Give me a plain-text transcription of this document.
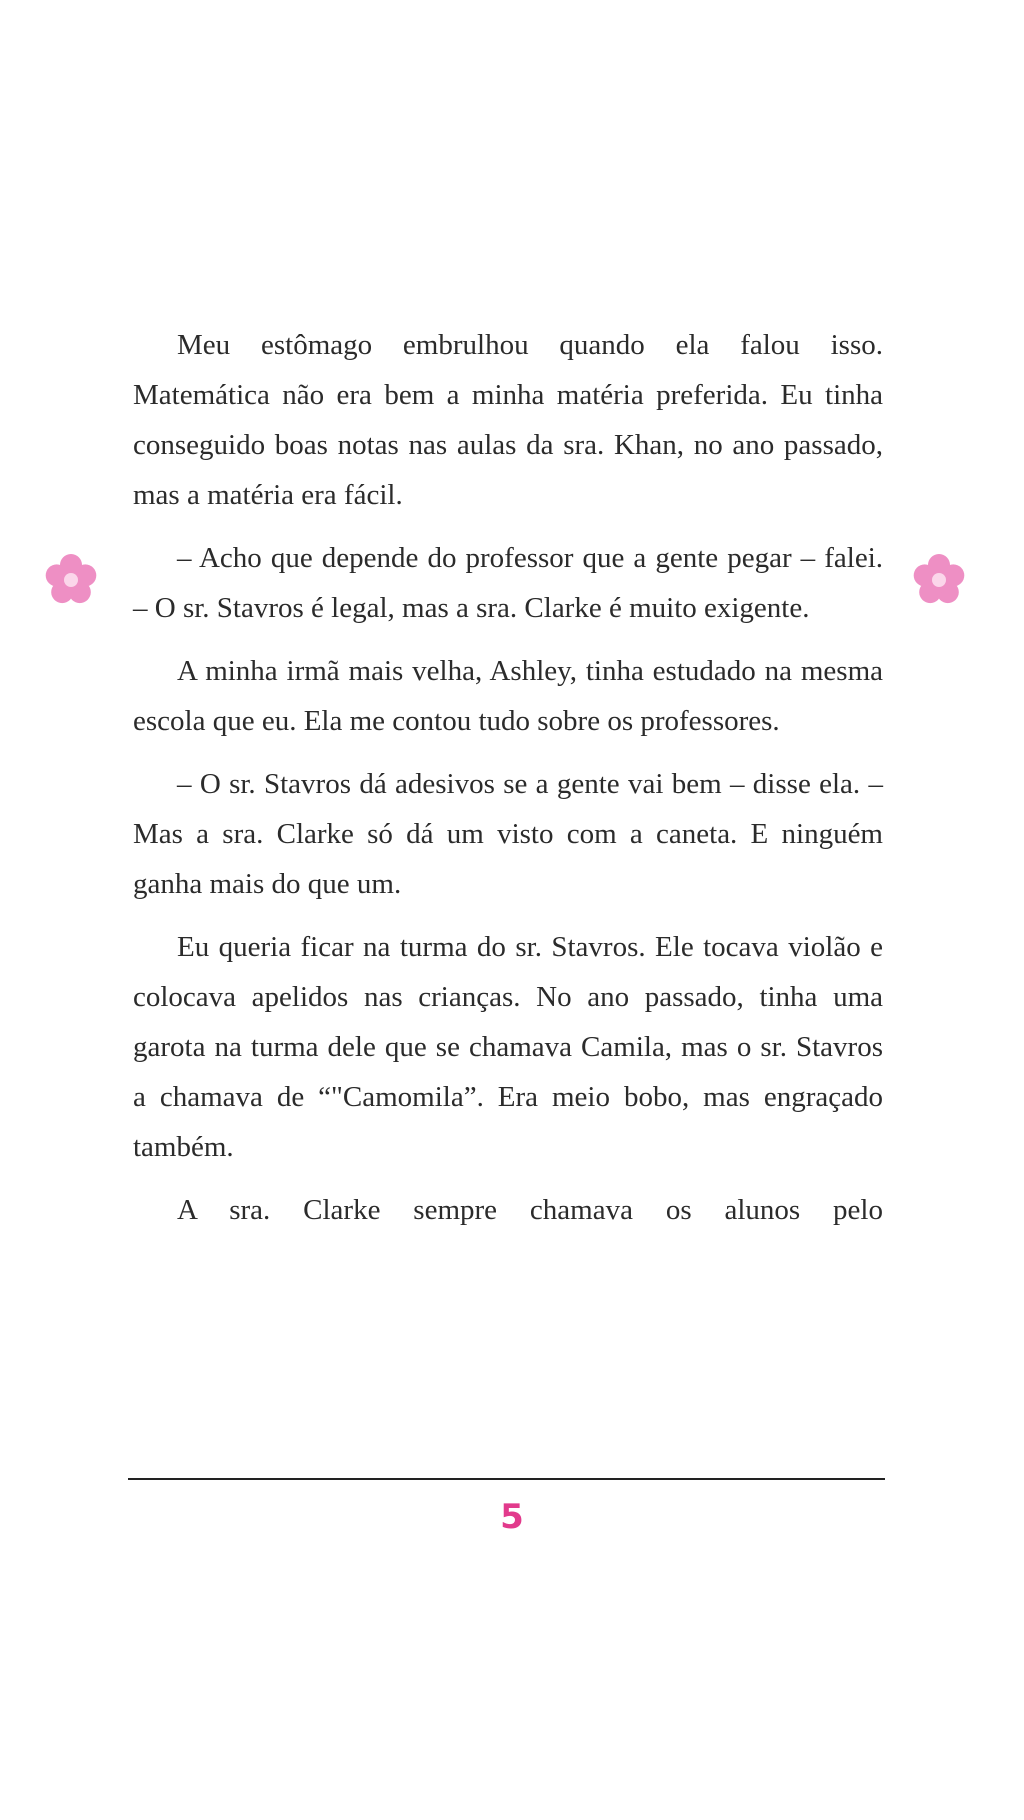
Meu estômago embrulhou quando ela falou isso. Matemática não era bem a minha matéria preferida. Eu tinha conseguido boas notas nas aulas da sra. Khan, no ano passado, mas a matéria era fácil.

– Acho que depende do professor que a gente pegar – falei. – O sr. Stavros é legal, mas a sra. Clarke é muito exigente.

A minha irmã mais velha, Ashley, tinha estudado na mesma escola que eu. Ela me contou tudo sobre os professores.

– O sr. Stavros dá adesivos se a gente vai bem – disse ela. – Mas a sra. Clarke só dá um visto com a caneta. E ninguém ganha mais do que um.

Eu queria ficar na turma do sr. Stavros. Ele tocava violão e colocava apelidos nas crianças. No ano passado, tinha uma garota na turma dele que se chamava Camila, mas o sr. Stavros a chamava de “"Camomila”. Era meio bobo, mas engraçado também.

A sra. Clarke sempre chamava os alunos pelo

5
